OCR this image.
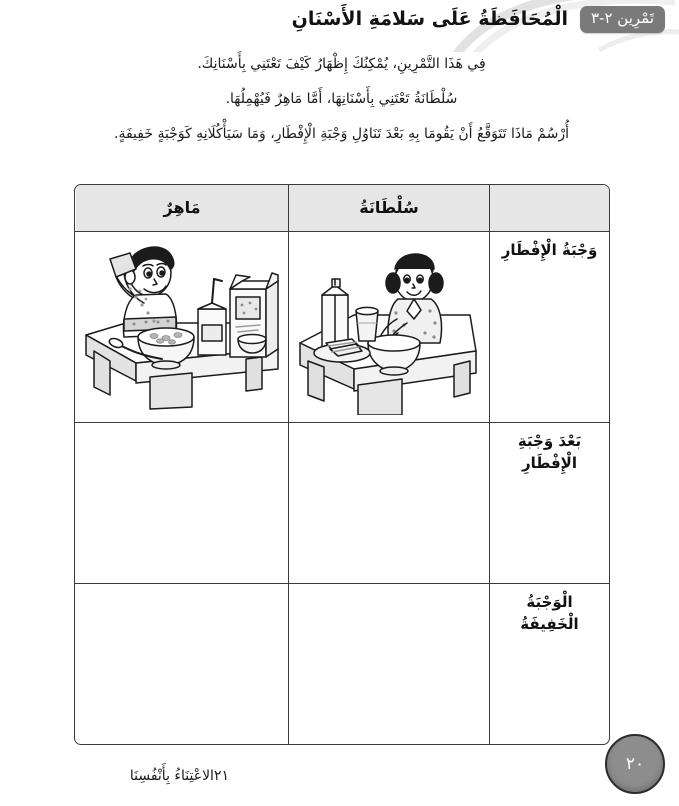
تَمْرِين ٢-٣
الْمُحَافَظَةُ عَلَى سَلامَةِ الأَسْنَانِ

فِي هَذَا التَّمْرِينِ، يُمْكِنُكَ إِظْهَارُ كَيْفَ تَعْتَنِي بِأَسْنَانِكَ.

سُلْطَانَةُ تَعْتَنِي بِأَسْنَانِهَا، أَمَّا مَاهِرٌ فَيُهْمِلُهَا.

أُرْسُمْ مَاذَا تَتَوَقَّعُ أَنْ يَقُومَا بِهِ بَعْدَ تَنَاوُلِ وَجْبَةِ الْإِفْطَارِ، وَمَا سَيَأْكُلَانِهِ كَوَجْبَةٍ خَفِيفَةٍ.

سُلْطَانَةُ
مَاهِرٌ
وَجْبَةُ الْإِفْطَارِ
بَعْدَ وَجْبَةِ الْإِفْطَارِ
الْوَجْبَةُ الْخَفِيفَةُ
٢١الاعْتِنَاءُ بِأَنْفُسِنَا
٢٠
